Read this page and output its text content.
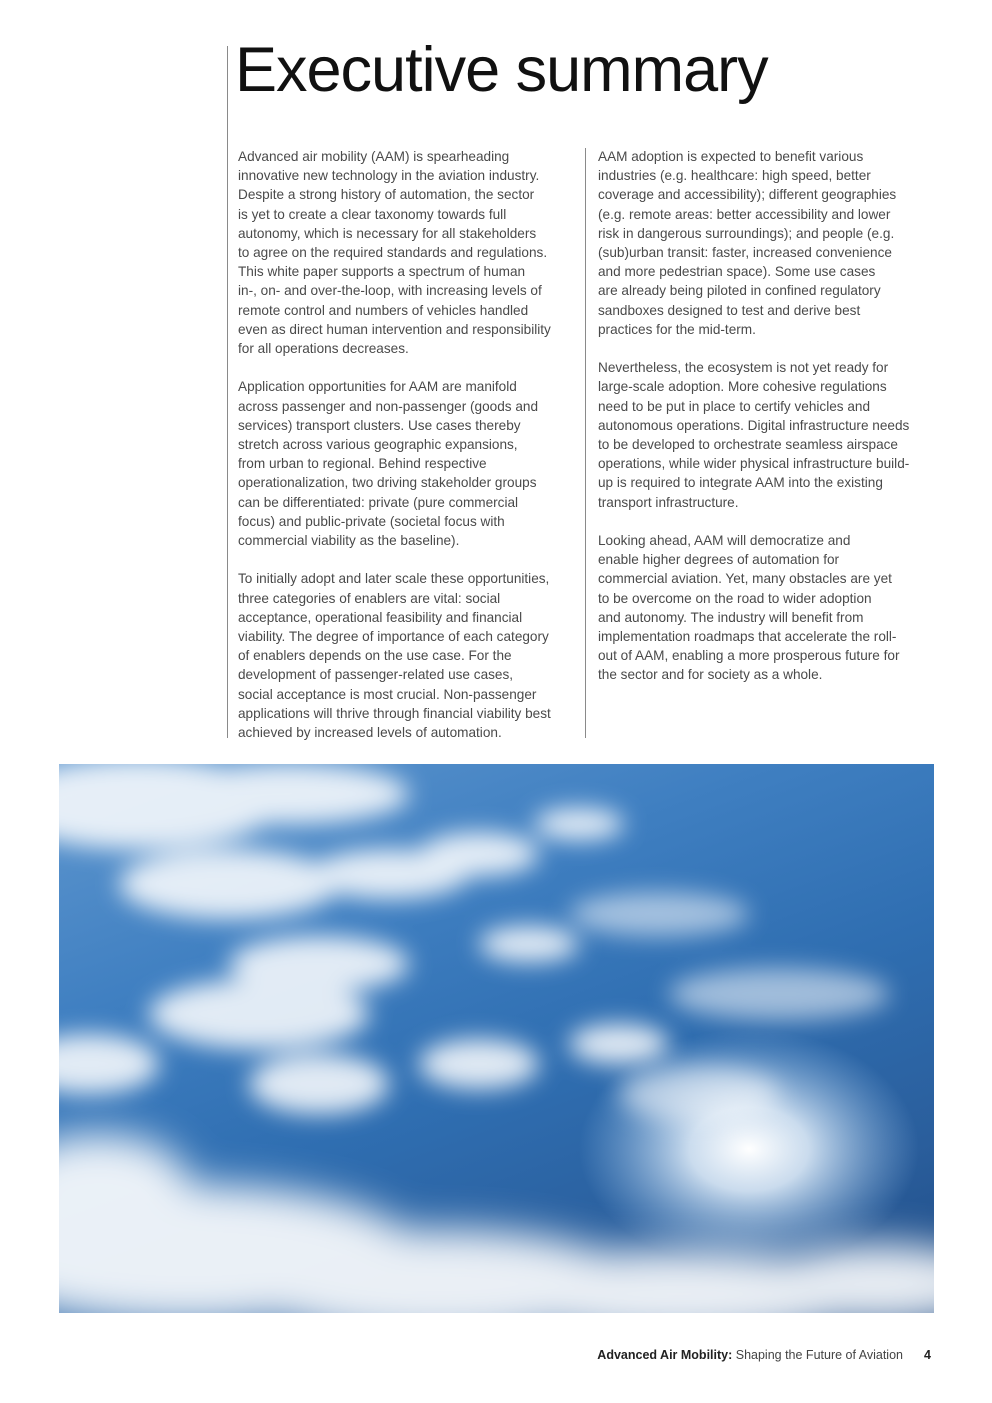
Executive summary

Advanced air mobility (AAM) is spearheading
innovative new technology in the aviation industry.
Despite a strong history of automation, the sector
is yet to create a clear taxonomy towards full
autonomy, which is necessary for all stakeholders
to agree on the required standards and regulations.
This white paper supports a spectrum of human
in-, on- and over-the-loop, with increasing levels of
remote control and numbers of vehicles handled
even as direct human intervention and responsibility
for all operations decreases.

Application opportunities for AAM are manifold
across passenger and non-passenger (goods and
services) transport clusters. Use cases thereby
stretch across various geographic expansions,
from urban to regional. Behind respective
operationalization, two driving stakeholder groups
can be differentiated: private (pure commercial
focus) and public-private (societal focus with
commercial viability as the baseline).

To initially adopt and later scale these opportunities,
three categories of enablers are vital: social
acceptance, operational feasibility and financial
viability. The degree of importance of each category
of enablers depends on the use case. For the
development of passenger-related use cases,
social acceptance is most crucial. Non-passenger
applications will thrive through financial viability best
achieved by increased levels of automation.

AAM adoption is expected to benefit various
industries (e.g. healthcare: high speed, better
coverage and accessibility); different geographies
(e.g. remote areas: better accessibility and lower
risk in dangerous surroundings); and people (e.g.
(sub)urban transit: faster, increased convenience
and more pedestrian space). Some use cases
are already being piloted in confined regulatory
sandboxes designed to test and derive best
practices for the mid-term.

Nevertheless, the ecosystem is not yet ready for
large-scale adoption. More cohesive regulations
need to be put in place to certify vehicles and
autonomous operations. Digital infrastructure needs
to be developed to orchestrate seamless airspace
operations, while wider physical infrastructure build-
up is required to integrate AAM into the existing
transport infrastructure.

Looking ahead, AAM will democratize and
enable higher degrees of automation for
commercial aviation. Yet, many obstacles are yet
to be overcome on the road to wider adoption
and autonomy. The industry will benefit from
implementation roadmaps that accelerate the roll-
out of AAM, enabling a more prosperous future for
the sector and for society as a whole.

Advanced Air Mobility: Shaping the Future of Aviation 4
